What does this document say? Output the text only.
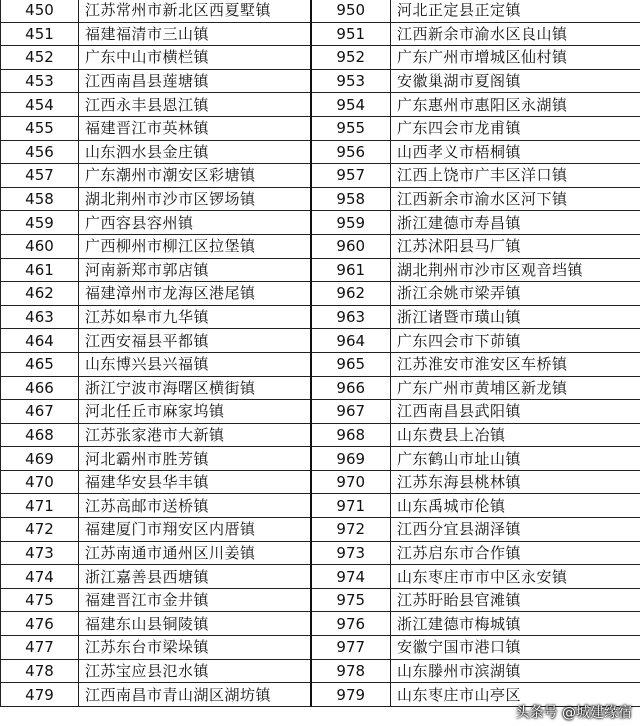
450	江苏常州市新北区西夏墅镇	950	河北正定县正定镇
451	福建福清市三山镇	951	江西新余市渝水区良山镇
452	广东中山市横栏镇	952	广东广州市增城区仙村镇
453	江西南昌县莲塘镇	953	安徽巢湖市夏阁镇
454	江西永丰县恩江镇	954	广东惠州市惠阳区永湖镇
455	福建晋江市英林镇	955	广东四会市龙甫镇
456	山东泗水县金庄镇	956	山西孝义市梧桐镇
457	广东潮州市潮安区彩塘镇	957	江西上饶市广丰区洋口镇
458	湖北荆州市沙市区锣场镇	958	江西新余市渝水区河下镇
459	广西容县容州镇	959	浙江建德市寿昌镇
460	广西柳州市柳江区拉堡镇	960	江苏沭阳县马厂镇
461	河南新郑市郭店镇	961	湖北荆州市沙市区观音垱镇
462	福建漳州市龙海区港尾镇	962	浙江余姚市梁弄镇
463	江苏如皋市九华镇	963	浙江诸暨市璜山镇
464	江西安福县平都镇	964	广东四会市下茆镇
465	山东博兴县兴福镇	965	江苏淮安市淮安区车桥镇
466	浙江宁波市海曙区横街镇	966	广东广州市黄埔区新龙镇
467	河北任丘市麻家坞镇	967	江西南昌县武阳镇
468	江苏张家港市大新镇	968	山东费县上冶镇
469	河北霸州市胜芳镇	969	广东鹤山市址山镇
470	福建华安县华丰镇	970	江苏东海县桃林镇
471	江苏高邮市送桥镇	971	山东禹城市伦镇
472	福建厦门市翔安区内厝镇	972	江西分宜县湖泽镇
473	江苏南通市通州区川姜镇	973	江苏启东市合作镇
474	浙江嘉善县西塘镇	974	山东枣庄市市中区永安镇
475	福建晋江市金井镇	975	江苏盱眙县官滩镇
476	福建东山县铜陵镇	976	浙江建德市梅城镇
477	江苏东台市梁垛镇	977	安徽宁国市港口镇
478	江苏宝应县氾水镇	978	山东滕州市滨湖镇
479	江西南昌市青山湖区湖坊镇	979	山东枣庄市山亭区
头条号 @城建缘宿
